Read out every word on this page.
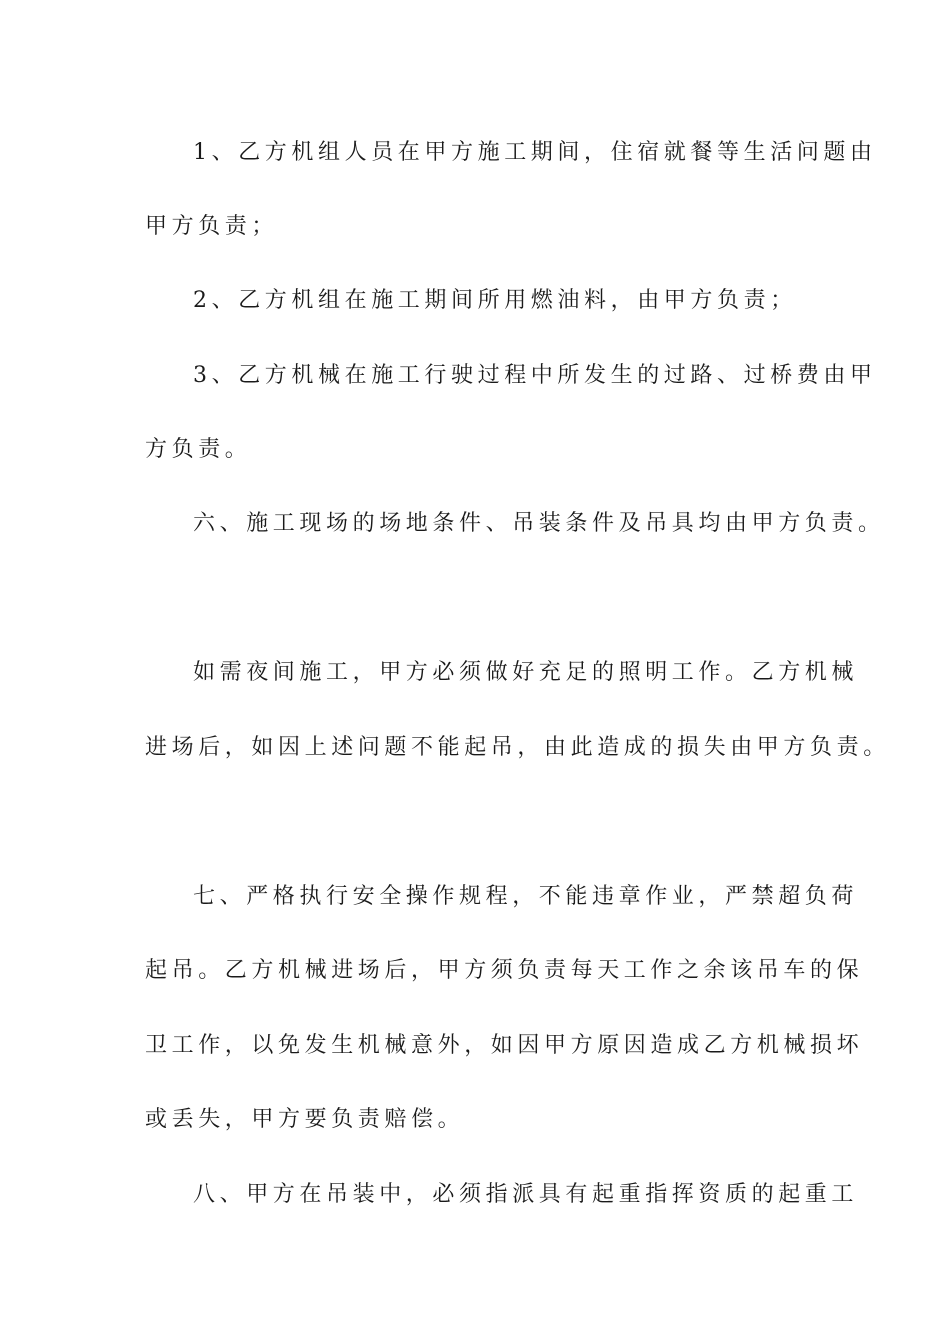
1、乙方机组人员在甲方施工期间，住宿就餐等生活问题由
甲方负责；
2、乙方机组在施工期间所用燃油料，由甲方负责；
3、乙方机械在施工行驶过程中所发生的过路、过桥费由甲
方负责。
六、施工现场的场地条件、吊装条件及吊具均由甲方负责。
如需夜间施工，甲方必须做好充足的照明工作。乙方机械
进场后，如因上述问题不能起吊，由此造成的损失由甲方负责。
七、严格执行安全操作规程，不能违章作业，严禁超负荷
起吊。乙方机械进场后，甲方须负责每天工作之余该吊车的保
卫工作，以免发生机械意外，如因甲方原因造成乙方机械损坏
或丢失，甲方要负责赔偿。
八、甲方在吊装中，必须指派具有起重指挥资质的起重工
